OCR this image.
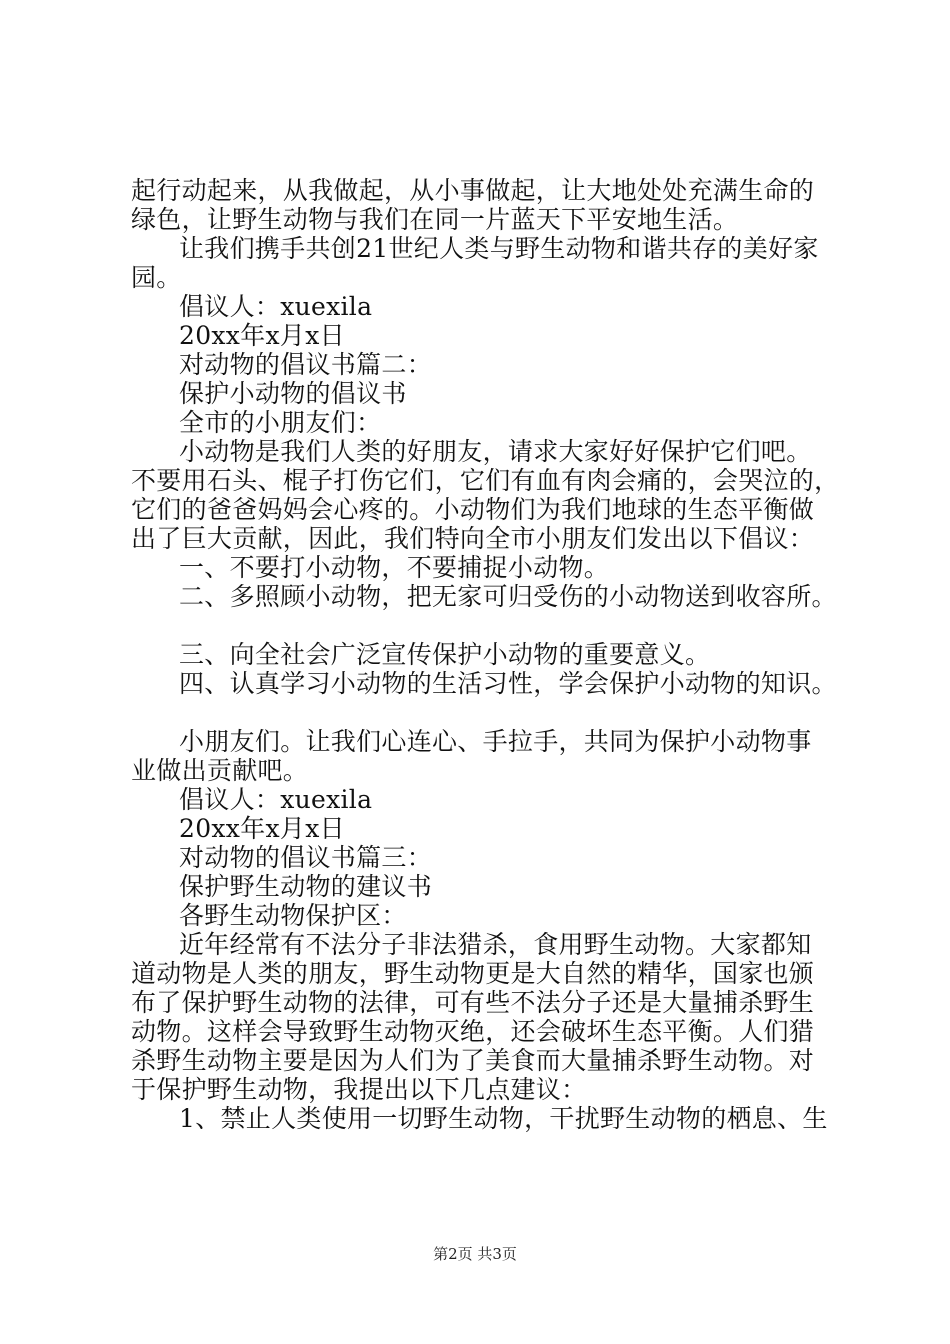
起行动起来，从我做起，从小事做起，让大地处处充满生命的
绿色，让野生动物与我们在同一片蓝天下平安地生活。
让我们携手共创21世纪人类与野生动物和谐共存的美好家
园。
倡议人：xuexila
20xx年x月x日
对动物的倡议书篇二：
保护小动物的倡议书
全市的小朋友们：
小动物是我们人类的好朋友，请求大家好好保护它们吧。
不要用石头、棍子打伤它们，它们有血有肉会痛的，会哭泣的，
它们的爸爸妈妈会心疼的。小动物们为我们地球的生态平衡做
出了巨大贡献，因此，我们特向全市小朋友们发出以下倡议：
一、不要打小动物，不要捕捉小动物。
二、多照顾小动物，把无家可归受伤的小动物送到收容所。
三、向全社会广泛宣传保护小动物的重要意义。
四、认真学习小动物的生活习性，学会保护小动物的知识。
小朋友们。让我们心连心、手拉手，共同为保护小动物事
业做出贡献吧。
倡议人：xuexila
20xx年x月x日
对动物的倡议书篇三：
保护野生动物的建议书
各野生动物保护区：
近年经常有不法分子非法猎杀，食用野生动物。大家都知
道动物是人类的朋友，野生动物更是大自然的精华，国家也颁
布了保护野生动物的法律，可有些不法分子还是大量捕杀野生
动物。这样会导致野生动物灭绝，还会破坏生态平衡。人们猎
杀野生动物主要是因为人们为了美食而大量捕杀野生动物。对
于保护野生动物，我提出以下几点建议：
1、禁止人类使用一切野生动物，干扰野生动物的栖息、生
第2页 共3页
